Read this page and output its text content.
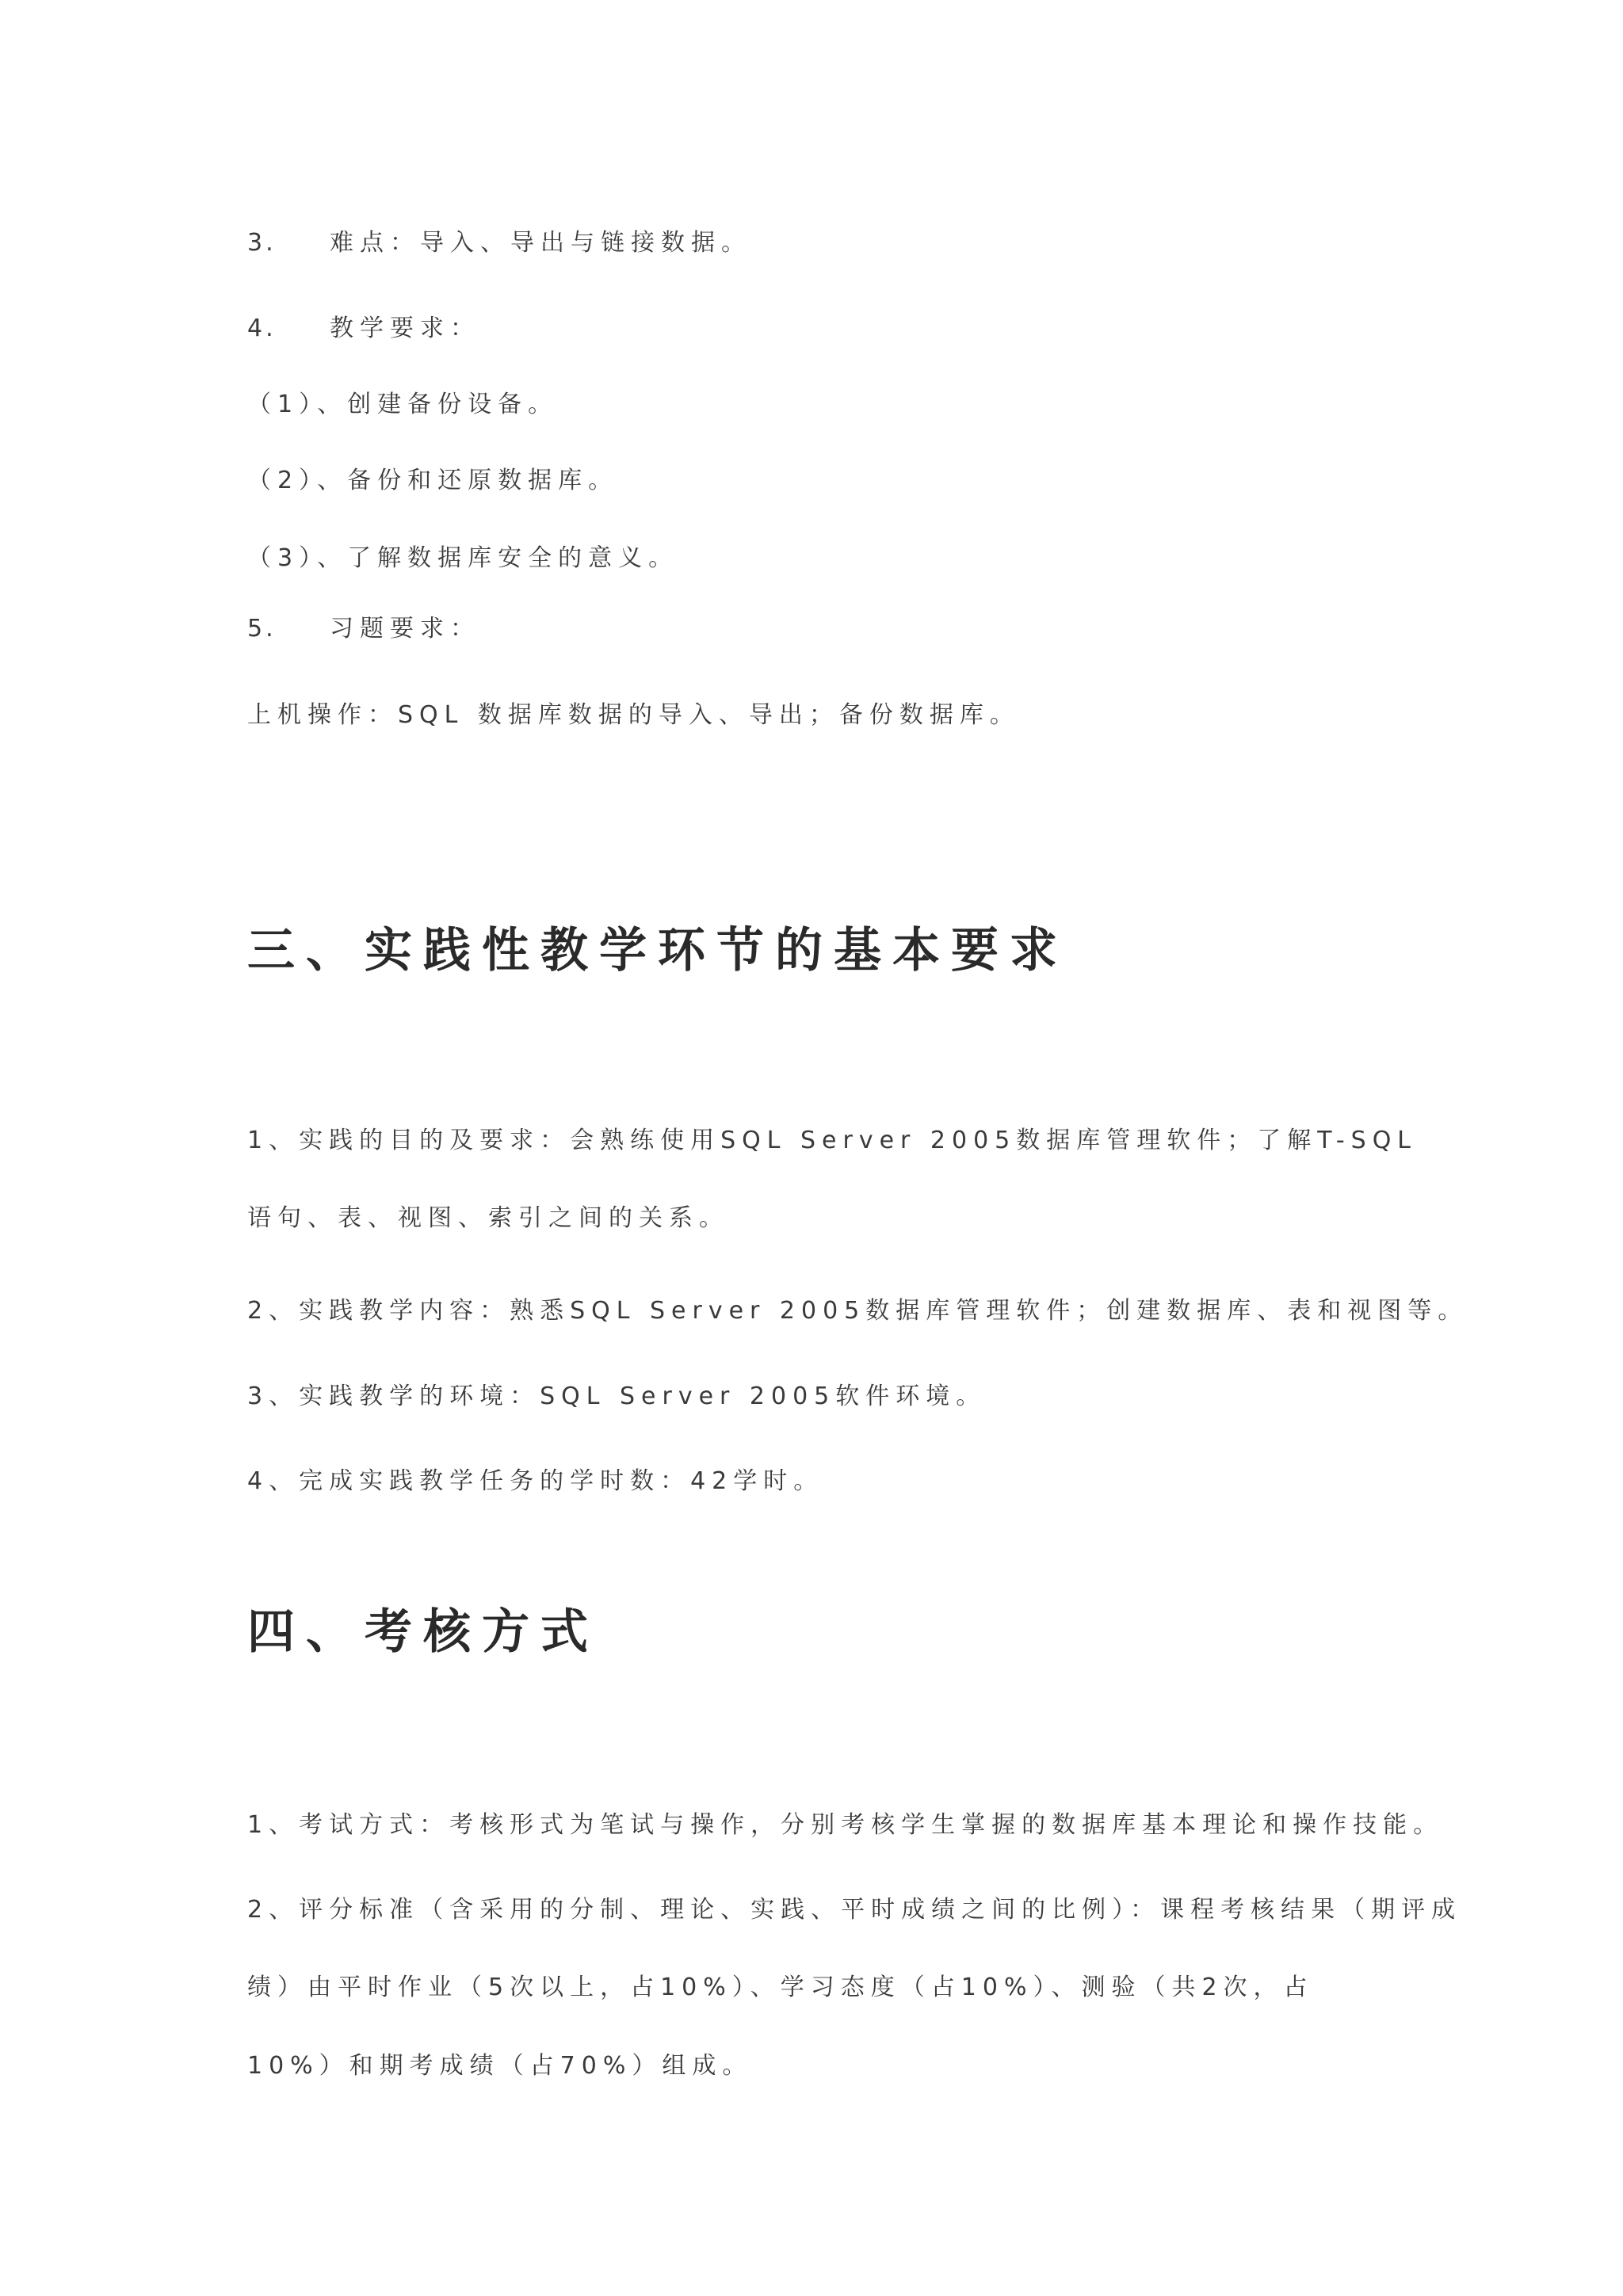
3. 难点：导入、导出与链接数据。
4. 教学要求：
（1）、创建备份设备。
（2）、备份和还原数据库。
（3）、了解数据库安全的意义。
5. 习题要求：
上机操作：SQL 数据库数据的导入、导出；备份数据库。
三、实践性教学环节的基本要求
1、实践的目的及要求：会熟练使用SQL Server 2005数据库管理软件；了解T-SQL
语句、表、视图、索引之间的关系。
2、实践教学内容：熟悉SQL Server 2005数据库管理软件；创建数据库、表和视图等。
3、实践教学的环境：SQL Server 2005软件环境。
4、完成实践教学任务的学时数：42学时。
四、考核方式
1、考试方式：考核形式为笔试与操作，分别考核学生掌握的数据库基本理论和操作技能。
2、评分标准（含采用的分制、理论、实践、平时成绩之间的比例）：课程考核结果（期评成
绩）由平时作业（5次以上，占10%）、学习态度（占10%）、测验（共2次，占
10%）和期考成绩（占70%）组成。
